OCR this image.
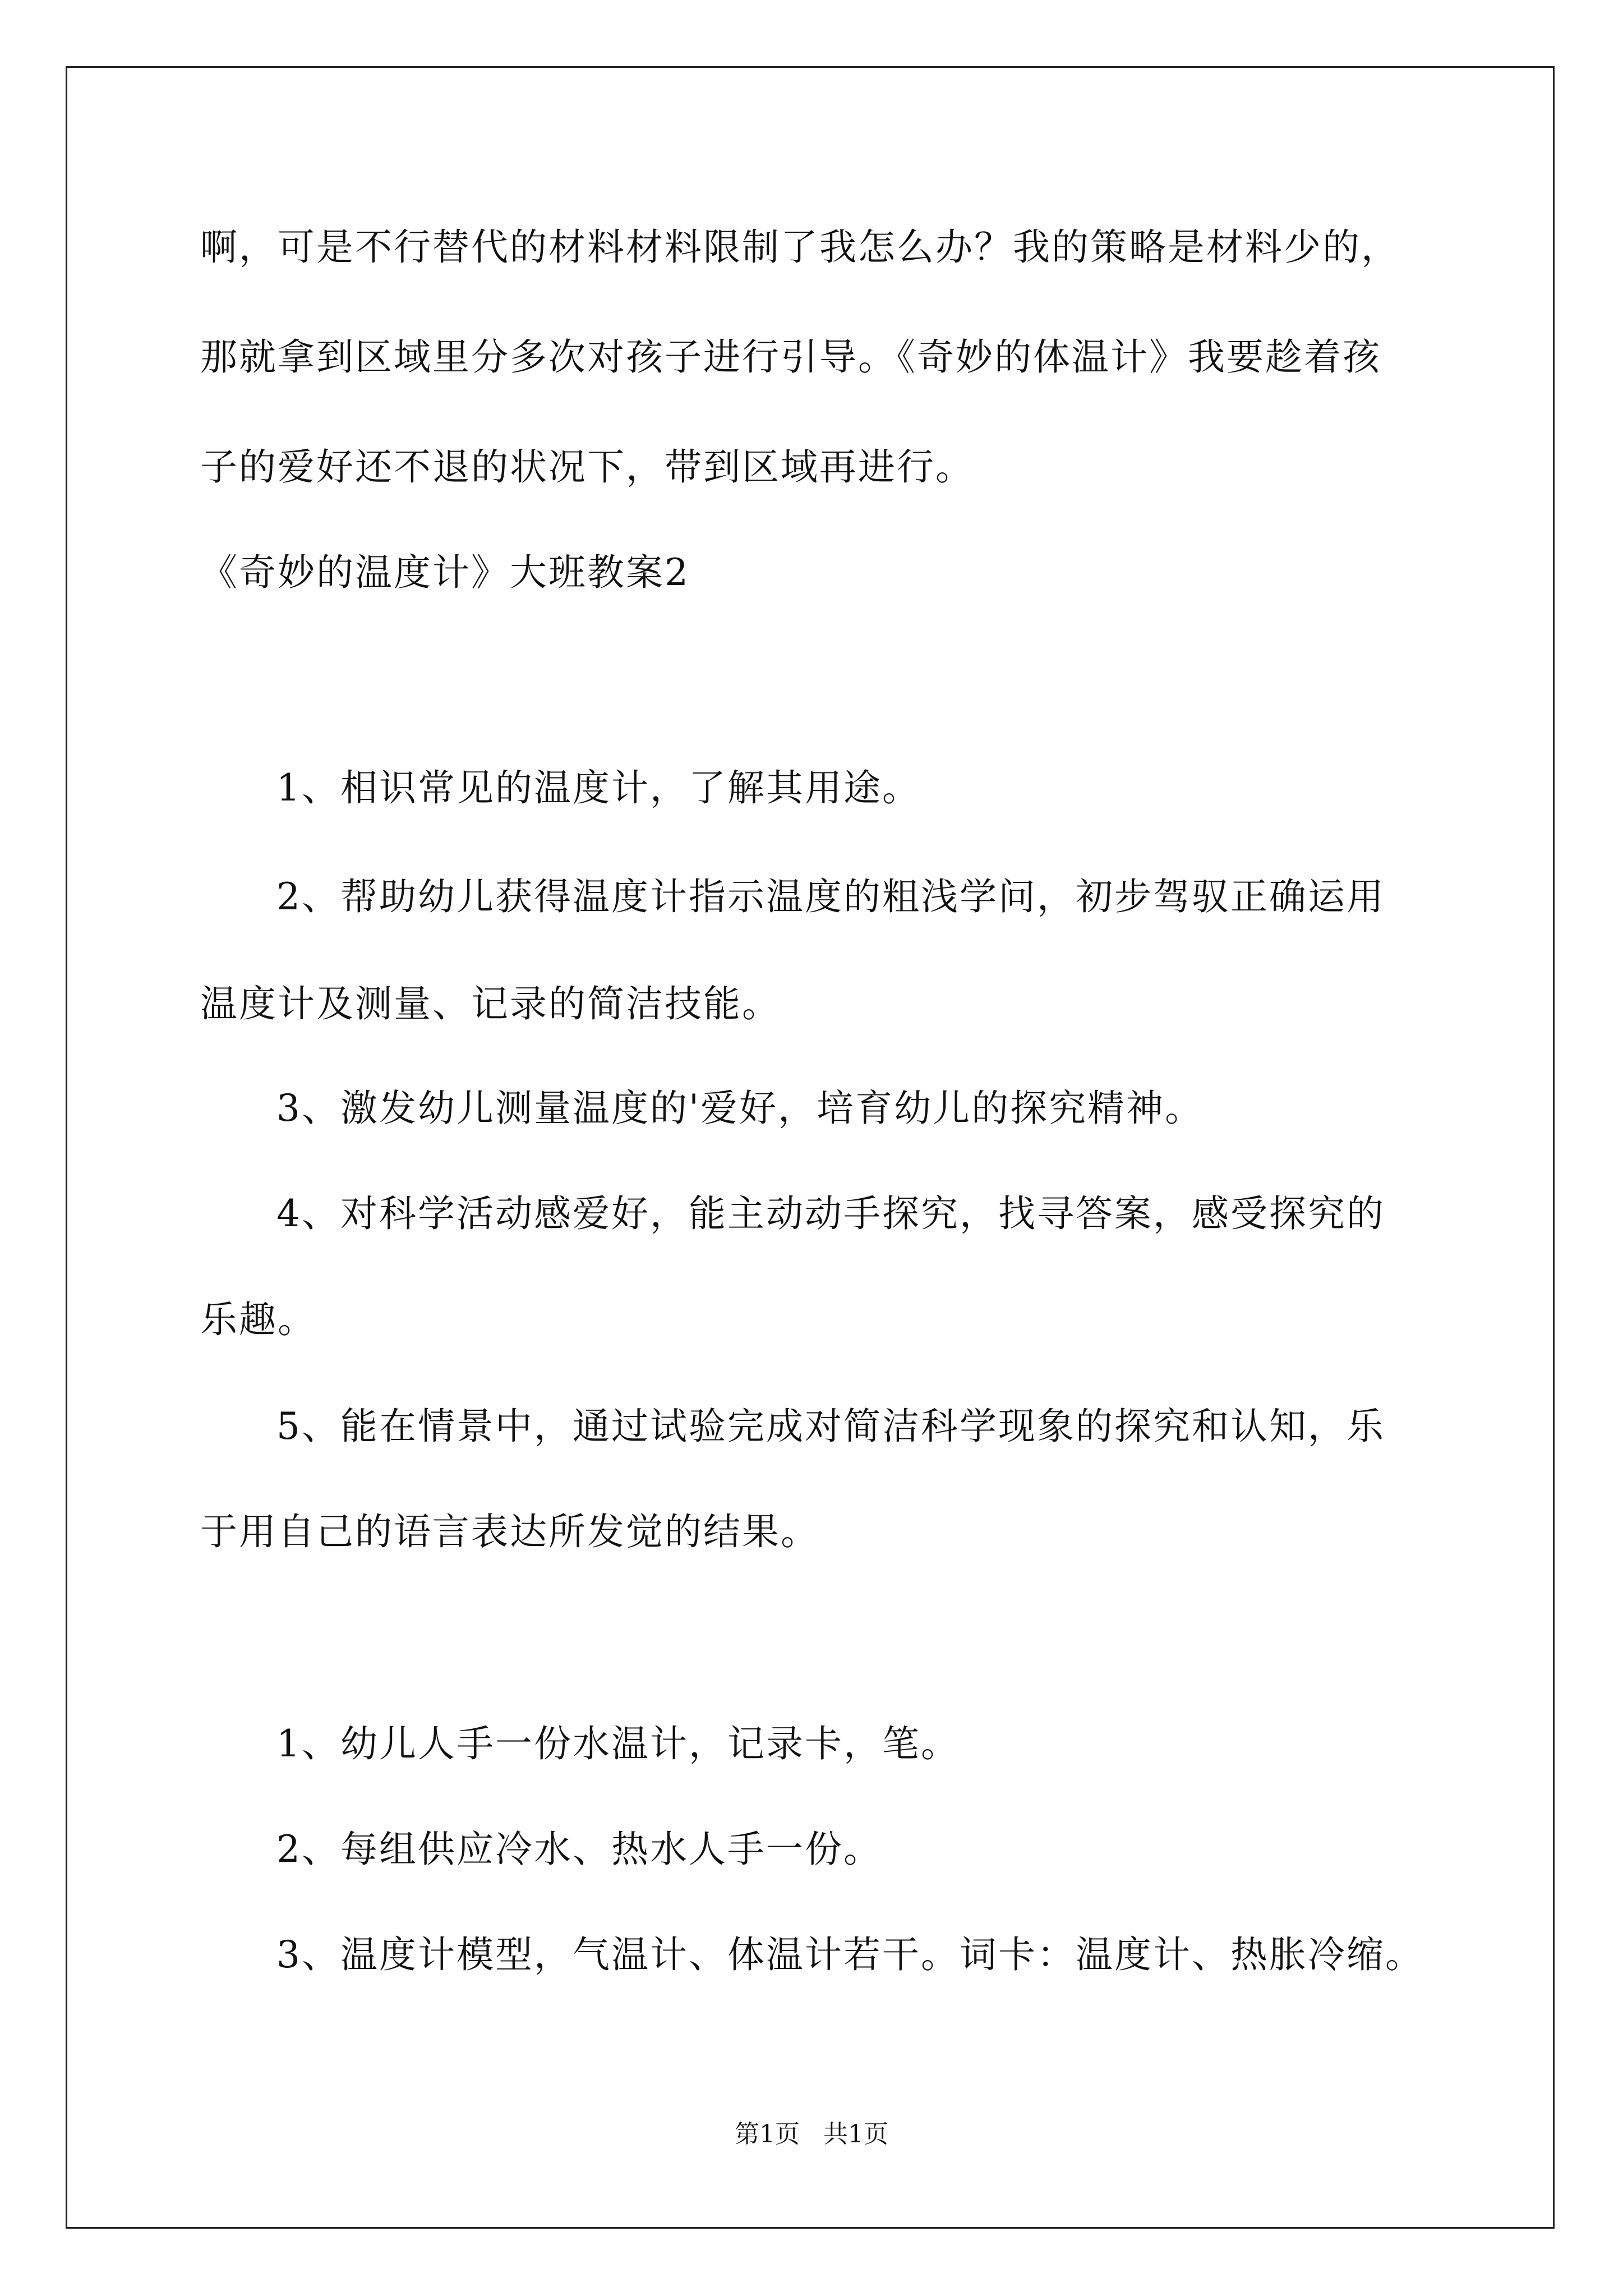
啊，可是不行替代的材料材料限制了我怎么办？我的策略是材料少的，
那就拿到区域里分多次对孩子进行引导。《奇妙的体温计》我要趁着孩
子的爱好还不退的状况下，带到区域再进行。
《奇妙的温度计》大班教案2
1、相识常见的温度计，了解其用途。
2、帮助幼儿获得温度计指示温度的粗浅学问，初步驾驭正确运用
温度计及测量、记录的简洁技能。
3、激发幼儿测量温度的'爱好，培育幼儿的探究精神。
4、对科学活动感爱好，能主动动手探究，找寻答案，感受探究的
乐趣。
5、能在情景中，通过试验完成对简洁科学现象的探究和认知，乐
于用自己的语言表达所发觉的结果。
1、幼儿人手一份水温计，记录卡，笔。
2、每组供应冷水、热水人手一份。
3、温度计模型，气温计、体温计若干。词卡：温度计、热胀冷缩。
第1页   共1页
